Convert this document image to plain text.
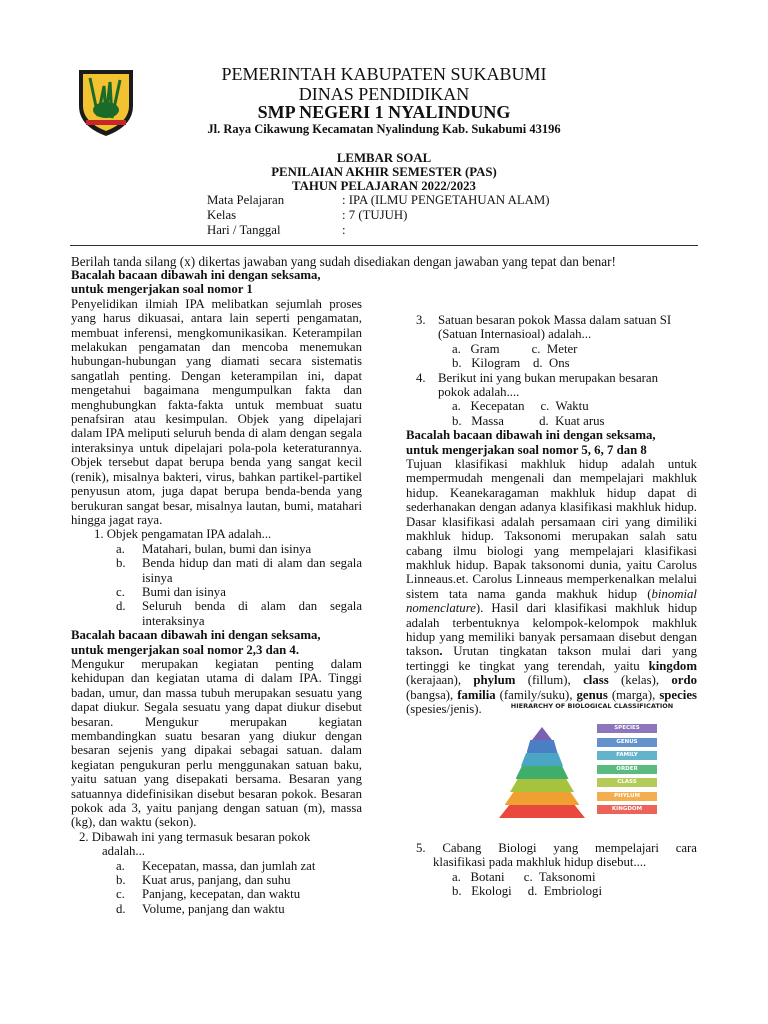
PEMERINTAH KABUPATEN SUKABUMI
DINAS PENDIDIKAN
SMP NEGERI 1 NYALINDUNG
Jl. Raya Cikawung Kecamatan Nyalindung Kab. Sukabumi 43196
LEMBAR SOAL
PENILAIAN AKHIR SEMESTER (PAS)
TAHUN PELAJARAN 2022/2023
Mata Pelajaran	: IPA (ILMU PENGETAHUAN ALAM)
Kelas	: 7 (TUJUH)
Hari / Tanggal	:
Berilah tanda silang (x) dikertas jawaban yang sudah disediakan dengan jawaban yang tepat dan benar!

Bacalah bacaan dibawah ini dengan seksama,

untuk mengerjakan soal nomor 1

Penyelidikan ilmiah IPA melibatkan sejumlah proses yang harus dikuasai, antara lain seperti pengamatan, membuat inferensi, mengkomunikasikan. Keterampilan melakukan pengamatan dan mencoba menemukan hubungan-hubungan yang diamati secara sistematis sangatlah penting. Dengan keterampilan ini, dapat mengetahui bagaimana mengumpulkan fakta dan menghubungkan fakta-fakta untuk membuat suatu penafsiran atau kesimpulan. Objek yang dipelajari dalam IPA meliputi seluruh benda di alam dengan segala interaksinya untuk dipelajari pola-pola keteraturannya. Objek tersebut dapat berupa benda yang sangat kecil (renik), misalnya bakteri, virus, bahkan partikel-partikel penyusun atom, juga dapat berupa benda-benda yang berukuran sangat besar, misalnya lautan, bumi, matahari hingga jagat raya.

1. Objek pengamatan IPA adalah...

a.	Matahari, bulan, bumi dan isinya
b.	Benda hidup dan mati di alam dan segala isinya
c.	Bumi dan isinya
d.	Seluruh benda di alam dan segala interaksinya

Bacalah bacaan dibawah ini dengan seksama,

untuk mengerjakan soal nomor 2,3 dan 4.

Mengukur merupakan kegiatan penting dalam kehidupan dan kegiatan utama di dalam IPA. Tinggi badan, umur, dan massa tubuh merupakan sesuatu yang dapat diukur. Segala sesuatu yang dapat diukur disebut besaran. Mengukur merupakan kegiatan membandingkan suatu besaran yang diukur dengan besaran sejenis yang dipakai sebagai satuan. dalam kegiatan pengukuran perlu menggunakan satuan baku, yaitu satuan yang disepakati bersama. Besaran yang satuannya didefinisikan disebut besaran pokok. Besaran pokok ada 3, yaitu panjang dengan satuan (m), massa (kg), dan waktu (sekon).

2. Dibawah ini yang termasuk besaran pokok

adalah...

a.	Kecepatan, massa, dan jumlah zat
b.	Kuat arus, panjang, dan suhu
c.	Panjang, kecepatan, dan waktu
d.	Volume, panjang dan waktu
3. Satuan besaran pokok Massa dalam satuan SI

(Satuan Internasioal) adalah...

a.   Gram          c.  Meter

b.   Kilogram    d.  Ons

4. Berikut ini yang bukan merupakan besaran

pokok adalah....

a.   Kecepatan     c.  Waktu

b.   Massa           d.  Kuat arus

Bacalah bacaan dibawah ini dengan seksama,

untuk mengerjakan soal nomor 5, 6, 7 dan 8

Tujuan klasifikasi makhluk hidup adalah untuk mempermudah mengenali dan mempelajari makhluk hidup. Keanekaragaman makhluk hidup dapat di sederhanakan dengan adanya klasifikasi makhluk hidup. Dasar klasifikasi adalah persamaan ciri yang dimiliki makhluk hidup. Taksonomi merupakan salah satu cabang ilmu biologi yang mempelajari klasifikasi makhluk hidup. Bapak taksonomi dunia, yaitu Carolus Linneaus.et. Carolus Linneaus memperkenalkan melalui sistem tata nama ganda makhuk hidup (binomial nomenclature). Hasil dari klasifikasi makhluk hidup adalah terbentuknya kelompok-kelompok makhluk hidup yang memiliki banyak persamaan disebut dengan takson. Urutan tingkatan takson mulai dari yang tertinggi ke tingkat yang terendah, yaitu kingdom (kerajaan), phylum (fillum), class (kelas), ordo (bangsa), familia (family/suku), genus (marga), species (spesies/jenis).	HIERARCHY OF BIOLOGICAL CLASSIFICATION
SPECIES
GENUS
FAMILY
ORDER
CLASS
PHYLUM
KINGDOM

5. Cabang Biologi yang mempelajari cara

klasifikasi pada makhluk hidup disebut....

a.   Botani      c.  Taksonomi

b.   Ekologi     d.  Embriologi
